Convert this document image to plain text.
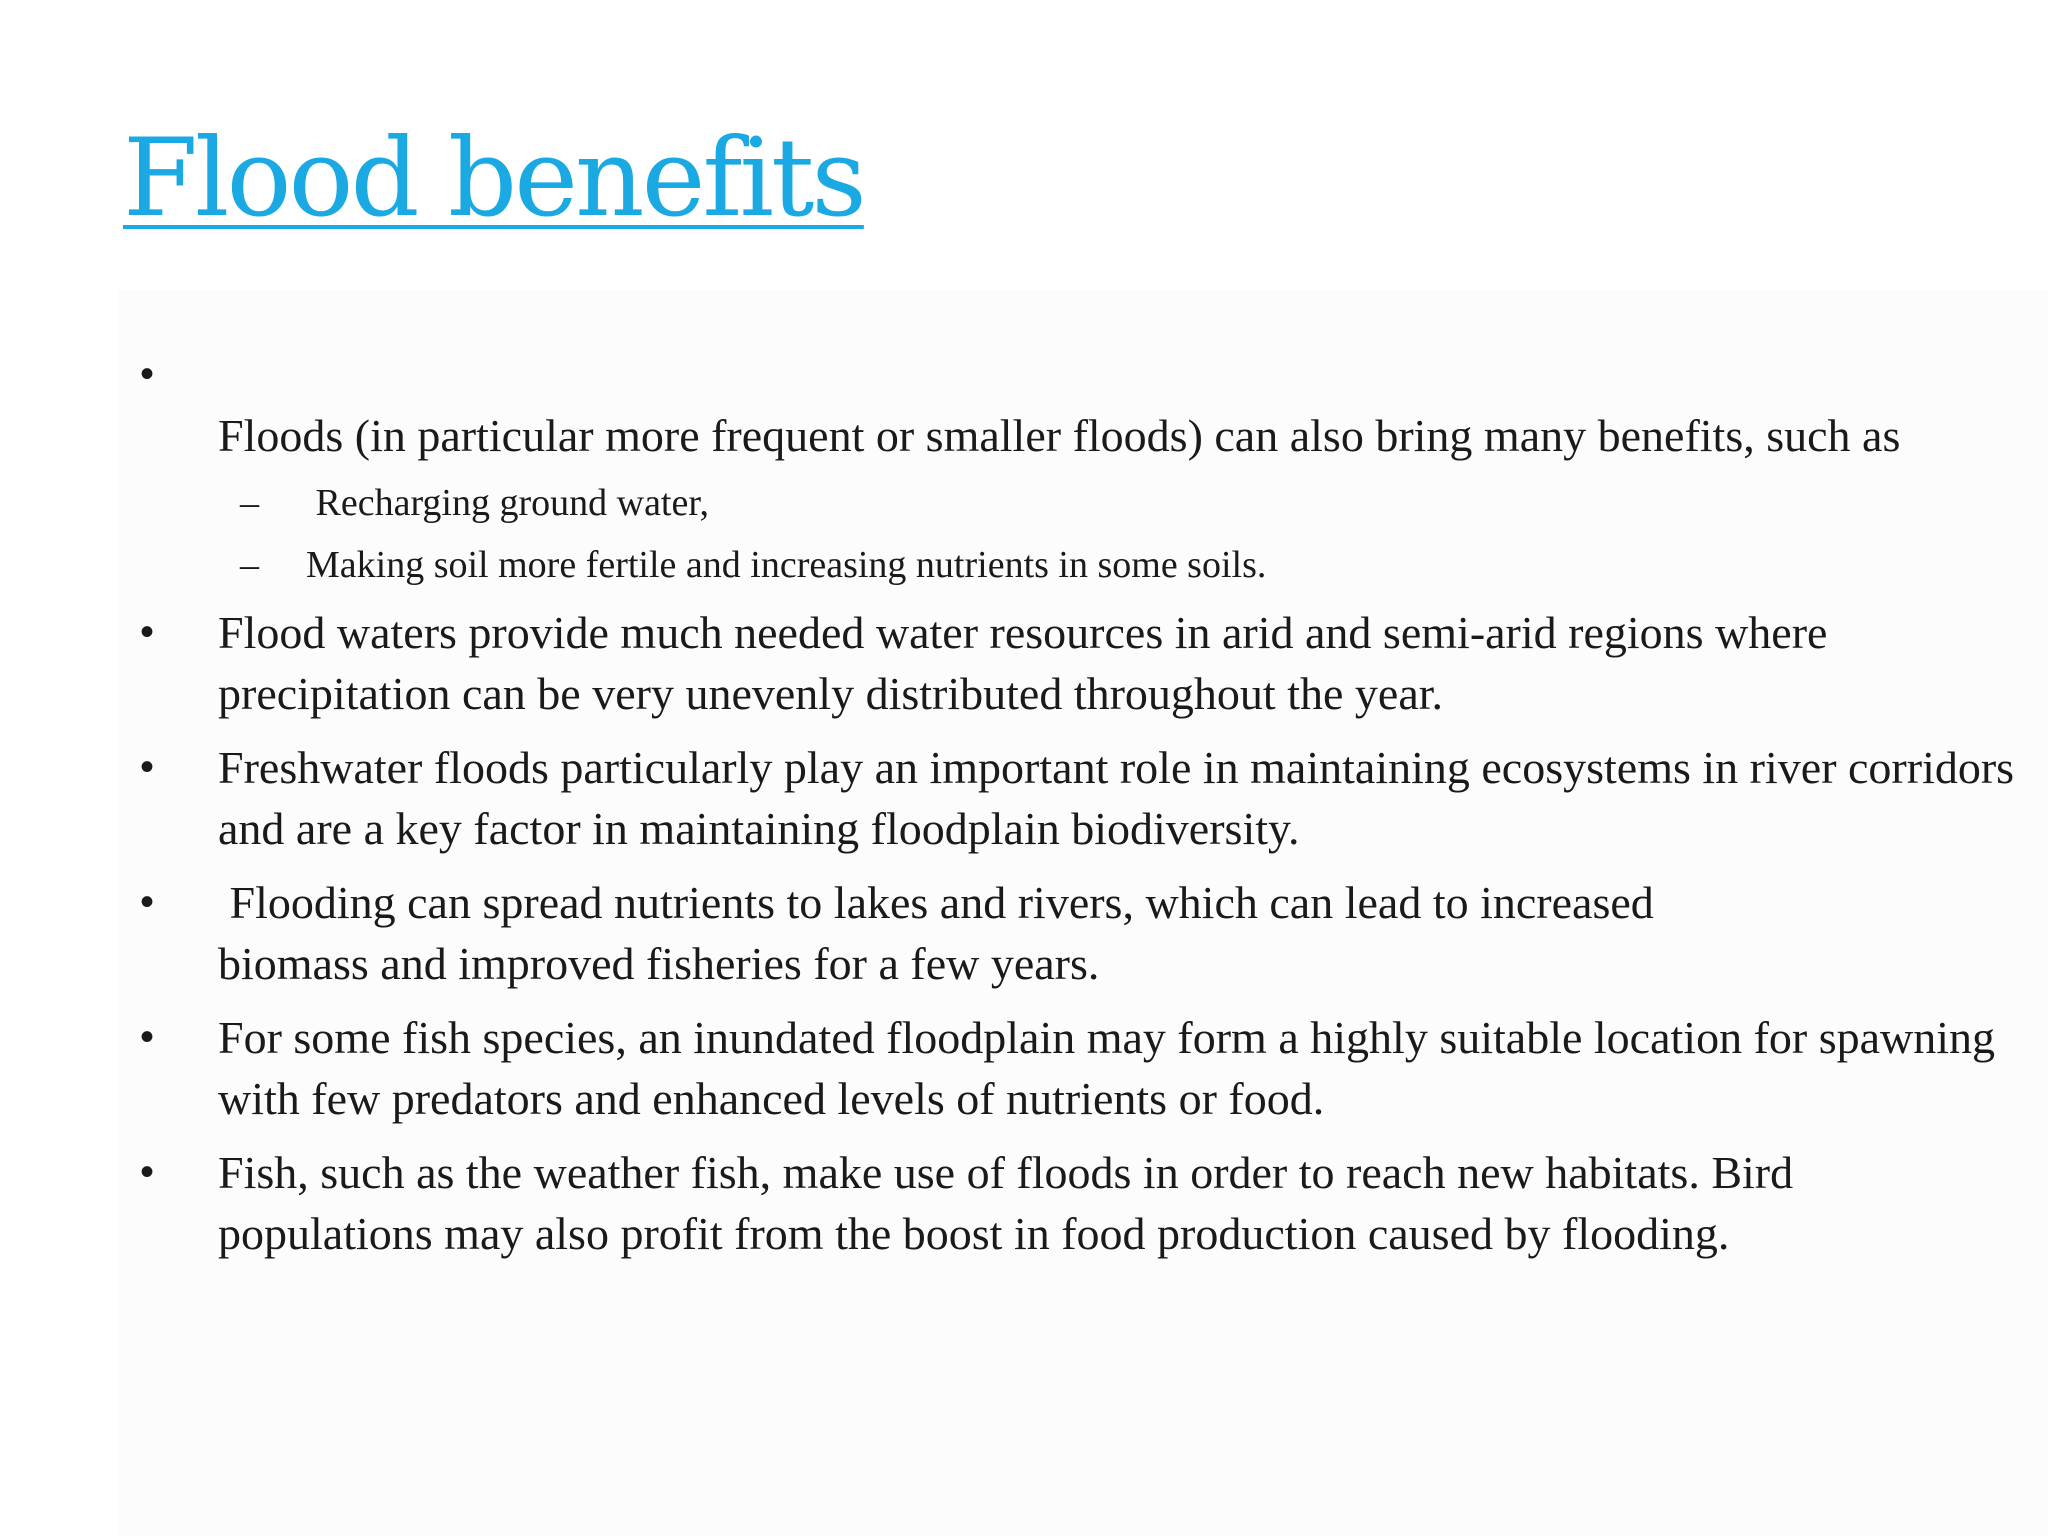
Flood benefits
•

Floods (in particular more frequent or smaller floods) can also bring many benefits, such as

– Recharging ground water,
– Making soil more fertile and increasing nutrients in some soils.
• Flood waters provide much needed water resources in arid and semi-arid regions where precipitation can be very unevenly distributed throughout the year.
• Freshwater floods particularly play an important role in maintaining ecosystems in river corridors and are a key factor in maintaining floodplain biodiversity.
• Flooding can spread nutrients to lakes and rivers, which can lead to increased biomass and improved fisheries for a few years.
• For some fish species, an inundated floodplain may form a highly suitable location for spawning with few predators and enhanced levels of nutrients or food.
• Fish, such as the weather fish, make use of floods in order to reach new habitats. Bird populations may also profit from the boost in food production caused by flooding.
